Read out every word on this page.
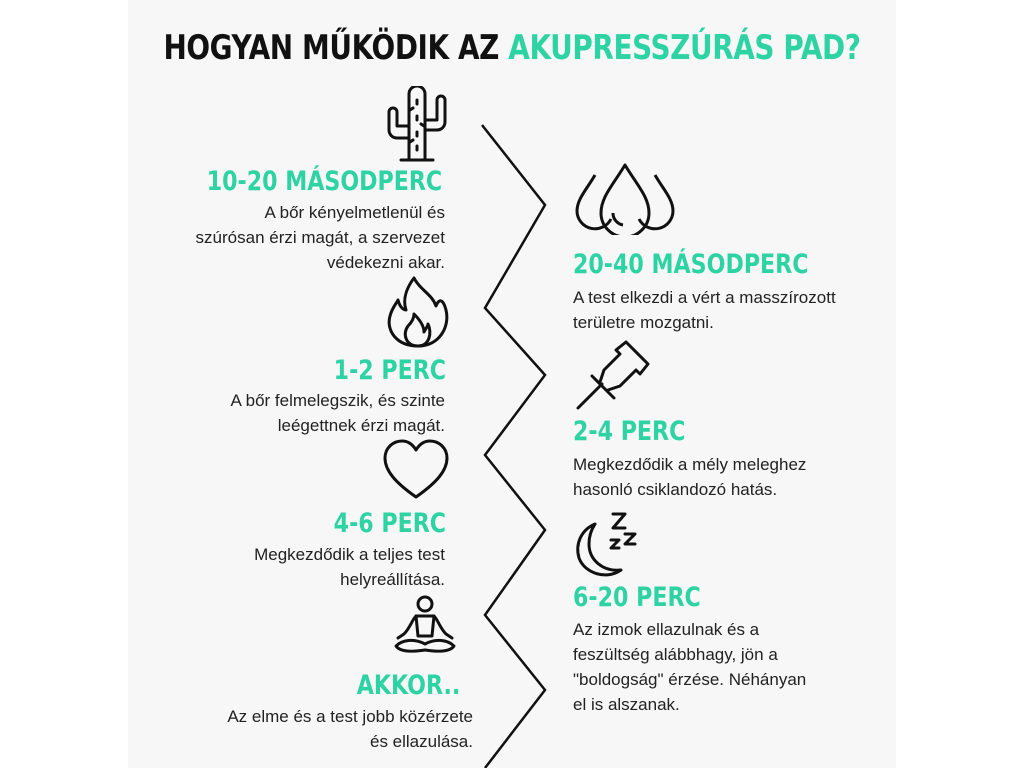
HOGYAN MŰKÖDIK AZ AKUPRESSZÚRÁS PAD?
10-20 MÁSODPERC
A bőr kényelmetlenül és
szúrósan érzi magát, a szervezet
védekezni akar.	20-40 MÁSODPERC
A test elkezdi a vért a masszírozott
területre mozgatni.
1-2 PERC
A bőr felmelegszik, és szinte
leégettnek érzi magát.	2-4 PERC
Megkezdődik a mély meleghez
hasonló csiklandozó hatás.
4-6 PERC
Megkezdődik a teljes test
helyreállítása.
6-20 PERC
Az izmok ellazulnak és a
feszültség alábbhagy, jön a
"boldogság" érzése. Néhányan
el is alszanak.
AKKOR..
Az elme és a test jobb közérzete
és ellazulása.
